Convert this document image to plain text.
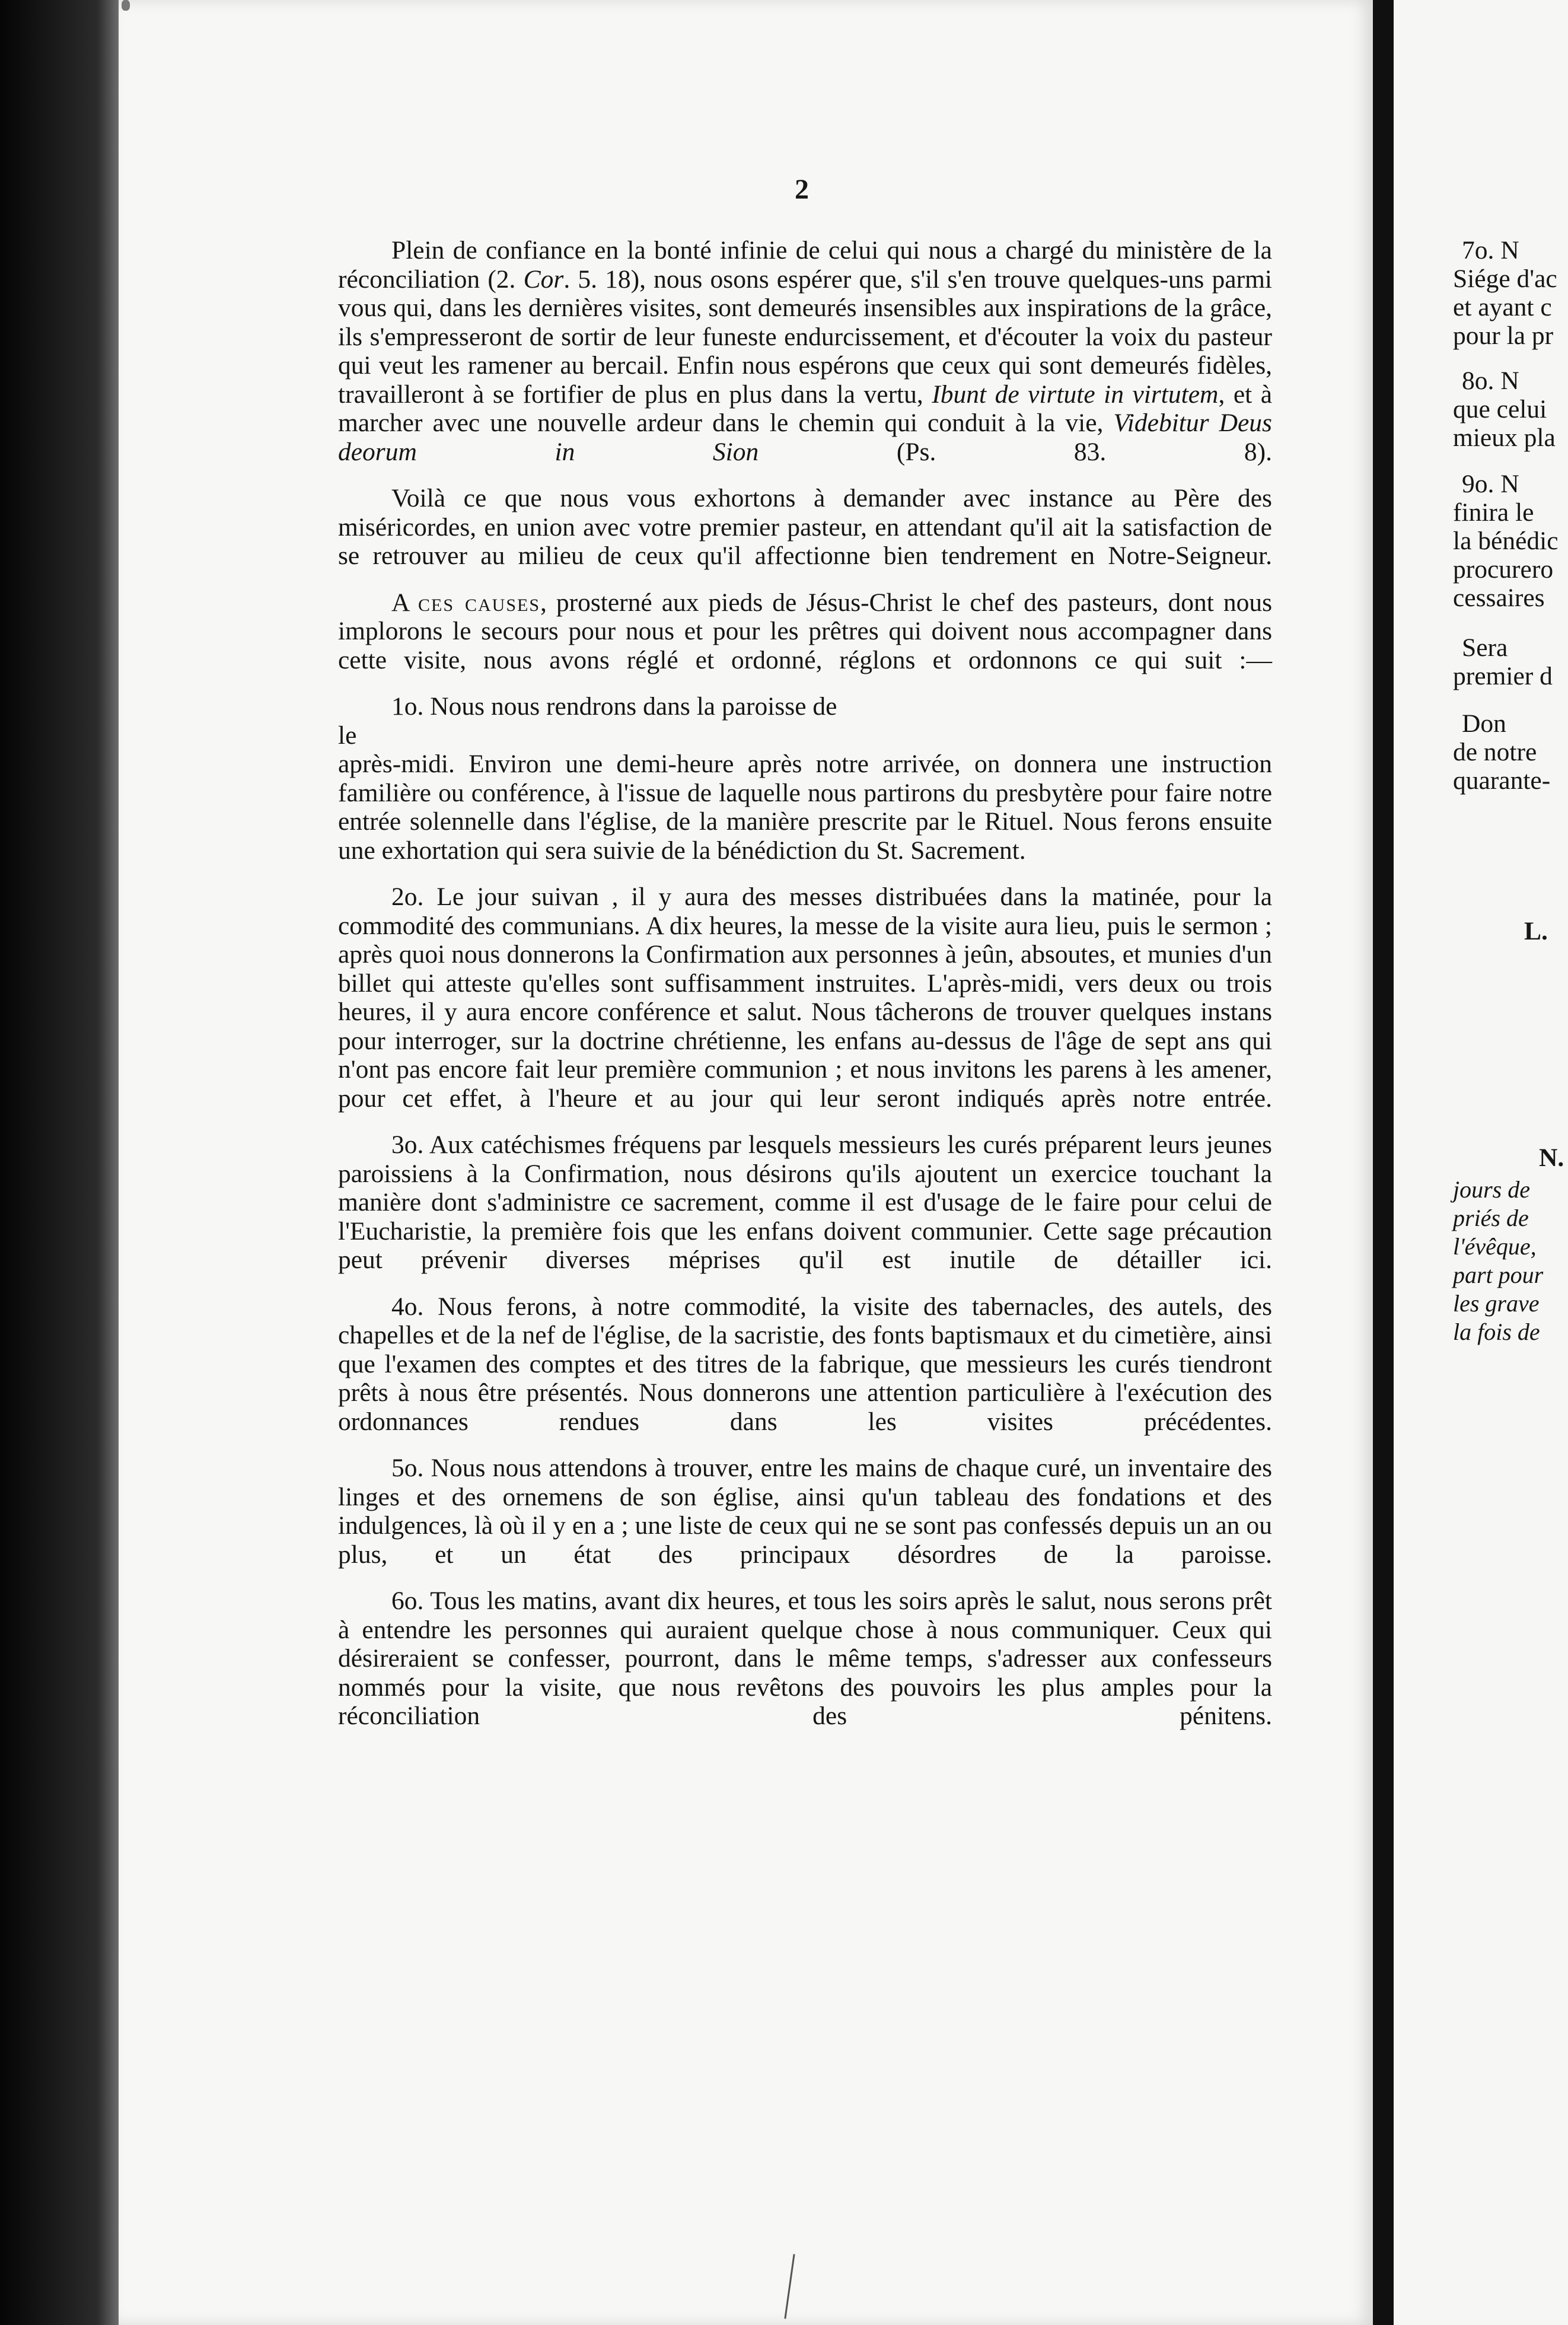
2

Plein de confiance en la bonté infinie de celui qui nous a chargé du ministère de la réconciliation (2. Cor. 5. 18), nous osons espérer que, s'il s'en trouve quelques-uns parmi vous qui, dans les dernières visites, sont demeurés insensibles aux inspirations de la grâce, ils s'empresseront de sortir de leur funeste endurcissement, et d'écouter la voix du pasteur qui veut les ramener au bercail. Enfin nous espérons que ceux qui sont demeurés fidèles, travailleront à se fortifier de plus en plus dans la vertu, Ibunt de virtute in virtutem, et à marcher avec une nouvelle ardeur dans le chemin qui conduit à la vie, Videbitur Deus deorum in Sion (Ps. 83. 8).

Voilà ce que nous vous exhortons à demander avec instance au Père des miséricordes, en union avec votre premier pasteur, en attendant qu'il ait la satisfaction de se retrouver au milieu de ceux qu'il affectionne bien tendrement en Notre-Seigneur.

A ces causes, prosterné aux pieds de Jésus-Christ le chef des pasteurs, dont nous implorons le secours pour nous et pour les prêtres qui doivent nous accompagner dans cette visite, nous avons réglé et ordonné, réglons et ordonnons ce qui suit :—

1o. Nous nous rendrons dans la paroisse de

le

après-midi. Environ une demi-heure après notre arrivée, on donnera une instruction familière ou conférence, à l'issue de laquelle nous partirons du presbytère pour faire notre entrée solennelle dans l'église, de la manière prescrite par le Rituel. Nous ferons ensuite une exhortation qui sera suivie de la bénédiction du St. Sacrement.

2o. Le jour suivan , il y aura des messes distribuées dans la matinée, pour la commodité des communians. A dix heures, la messe de la visite aura lieu, puis le sermon ; après quoi nous donnerons la Confirmation aux personnes à jeûn, absoutes, et munies d'un billet qui atteste qu'elles sont suffisamment instruites. L'après-midi, vers deux ou trois heures, il y aura encore conférence et salut. Nous tâcherons de trouver quelques instans pour interroger, sur la doctrine chrétienne, les enfans au-dessus de l'âge de sept ans qui n'ont pas encore fait leur première communion ; et nous invitons les parens à les amener, pour cet effet, à l'heure et au jour qui leur seront indiqués après notre entrée.

3o. Aux catéchismes fréquens par lesquels messieurs les curés préparent leurs jeunes paroissiens à la Confirmation, nous désirons qu'ils ajoutent un exercice touchant la manière dont s'administre ce sacrement, comme il est d'usage de le faire pour celui de l'Eucharistie, la première fois que les enfans doivent communier. Cette sage précaution peut prévenir diverses méprises qu'il est inutile de détailler ici.

4o. Nous ferons, à notre commodité, la visite des tabernacles, des autels, des chapelles et de la nef de l'église, de la sacristie, des fonts baptismaux et du cimetière, ainsi que l'examen des comptes et des titres de la fabrique, que messieurs les curés tiendront prêts à nous être présentés. Nous donnerons une attention particulière à l'exécution des ordonnances rendues dans les visites précédentes.

5o. Nous nous attendons à trouver, entre les mains de chaque curé, un inventaire des linges et des ornemens de son église, ainsi qu'un tableau des fondations et des indulgences, là où il y en a ; une liste de ceux qui ne se sont pas confessés depuis un an ou plus, et un état des principaux désordres de la paroisse.

6o. Tous les matins, avant dix heures, et tous les soirs après le salut, nous serons prêt à entendre les personnes qui auraient quelque chose à nous communiquer. Ceux qui désireraient se confesser, pourront, dans le même temps, s'adresser aux confesseurs nommés pour la visite, que nous revêtons des pouvoirs les plus amples pour la réconciliation des pénitens.

7o. N
Siége d'ac
et ayant c
pour la pr
8o. N
que celui
mieux pla
9o. N
finira le
la bénédic
procurero
cessaires
Sera
premier d
Don
de notre
quarante-
L.
N.
jours de
priés de
l'évêque,
part pour
les grave
la fois de
